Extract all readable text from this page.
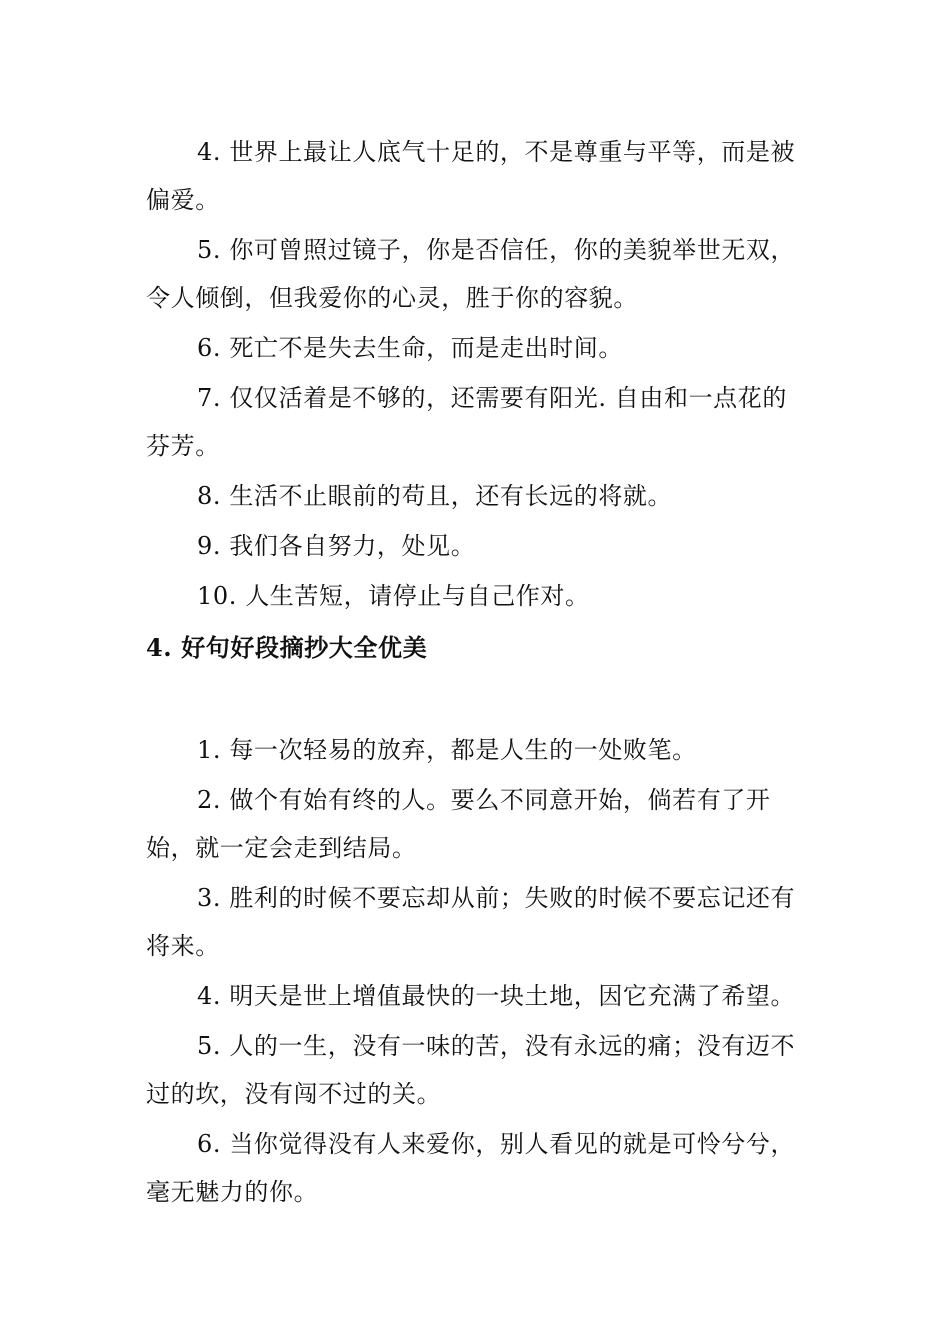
4. 世界上最让人底气十足的，不是尊重与平等，而是被偏爱。

5. 你可曾照过镜子，你是否信任，你的美貌举世无双，令人倾倒，但我爱你的心灵，胜于你的容貌。

6. 死亡不是失去生命，而是走出时间。

7. 仅仅活着是不够的，还需要有阳光. 自由和一点花的芬芳。

8. 生活不止眼前的苟且，还有长远的将就。

9. 我们各自努力，处见。

10. 人生苦短，请停止与自己作对。

4. 好句好段摘抄大全优美

1. 每一次轻易的放弃，都是人生的一处败笔。

2. 做个有始有终的人。要么不同意开始，倘若有了开始，就一定会走到结局。

3. 胜利的时候不要忘却从前；失败的时候不要忘记还有将来。

4. 明天是世上增值最快的一块土地，因它充满了希望。

5. 人的一生，没有一味的苦，没有永远的痛；没有迈不过的坎，没有闯不过的关。

6. 当你觉得没有人来爱你，别人看见的就是可怜兮兮，毫无魅力的你。
